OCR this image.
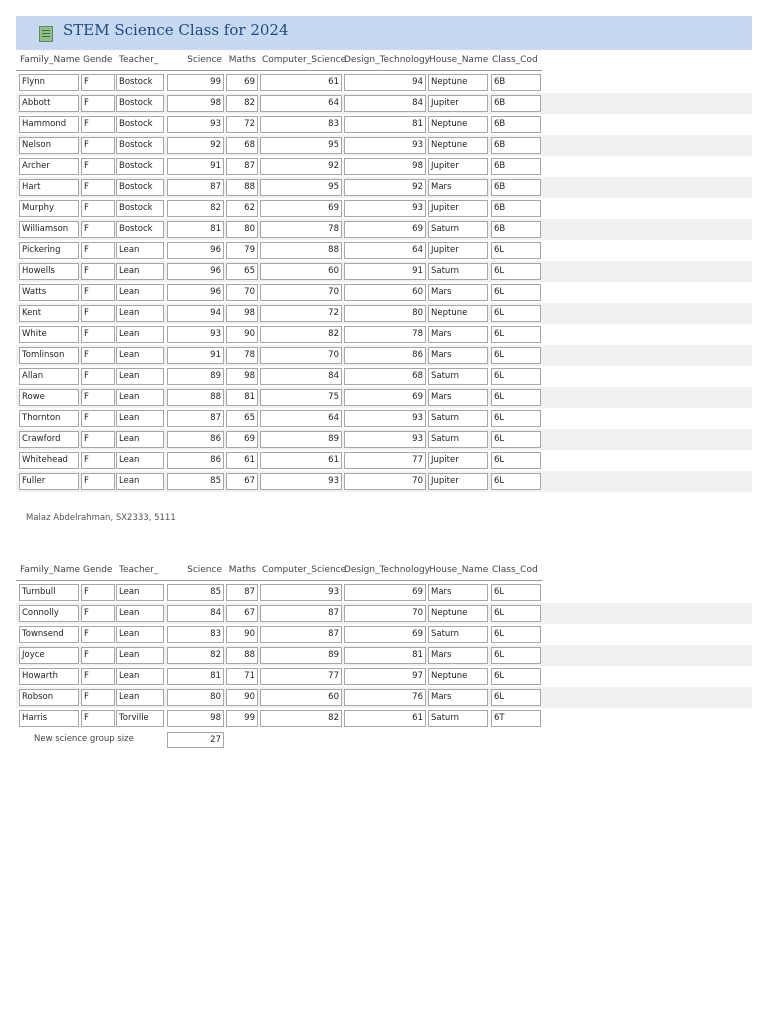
STEM Science Class for 2024
Malaz Abdelrahman, SX2333, 5111
New science group size	27
Family_Name Gende Teacher_	Science Maths Computer_Science
Design_Technology House_Name Class_Cod
Flynn	F	Bostock	99	69	61	94 Neptune	6B
Abbott	F	Bostock	98	82	64	84 Jupiter	6B
Hammond	F	Bostock	93	72	83	81 Neptune	6B
Nelson	F	Bostock	92	68	95	93 Neptune	6B
Archer	F	Bostock	91	87	92	98 Jupiter	6B
Hart	F	Bostock	87	88	95	92 Mars	6B
Murphy	F	Bostock	82	62	69	93 Jupiter	6B
Williamson	F	Bostock	81	80	78	69 Saturn	6B
Pickering	F	Lean	96	79	88	64 Jupiter	6L
Howells	F	Lean	96	65	60	91 Saturn	6L
Watts	F	Lean	96	70	70	60 Mars	6L
Kent	F	Lean	94	98	72	80 Neptune	6L
White	F	Lean	93	90	82	78 Mars	6L
Tomlinson	F	Lean	91	78	70	86 Mars	6L
Allan	F	Lean	89	98	84	68 Saturn	6L
Rowe	F	Lean	88	81	75	69 Mars	6L
Thornton	F	Lean	87	65	64	93 Saturn	6L
Crawford	F	Lean	86	69	89	93 Saturn	6L
Whitehead	F	Lean	86	61	61	77 Jupiter	6L
Fuller	F	Lean	85	67	93	70 Jupiter	6L
Family_Name Gende Teacher_	Science Maths Computer_Science
Design_Technology House_Name Class_Cod
Turnbull	F	Lean	85	87	93	69 Mars	6L
Connolly	F	Lean	84	67	87	70 Neptune	6L
Townsend	F	Lean	83	90	87	69 Saturn	6L
Joyce	F	Lean	82	88	89	81 Mars	6L
Howarth	F	Lean	81	71	77	97 Neptune	6L
Robson	F	Lean	80	90	60	76 Mars	6L
Harris	F	Torville	98	99	82	61 Saturn	6T
